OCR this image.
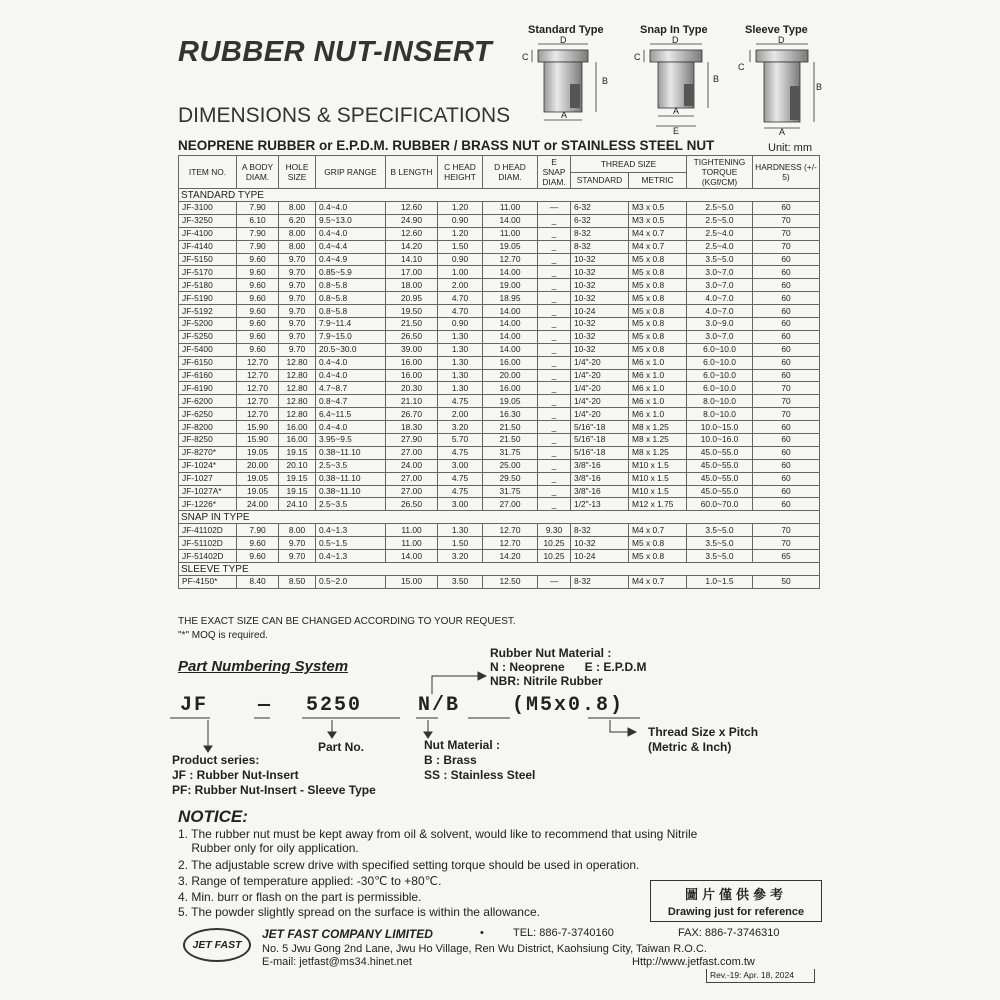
RUBBER NUT-INSERT
DIMENSIONS & SPECIFICATIONS
NEOPRENE RUBBER or E.P.D.M. RUBBER / BRASS NUT or STAINLESS STEEL NUT	Unit: mm
Standard Type	Snap In Type	Sleeve Type
D
C
B
A
D
C
B
A
E
D
C
B
A
ITEM NO.	A BODY DIAM.	HOLE SIZE	GRIP RANGE	B LENGTH	C HEAD HEIGHT	D HEAD DIAM.	E SNAP DIAM.	THREAD SIZE		TIGHTENING TORQUE (KGf/CM)	HARDNESS (+/- 5)
								STANDARD	METRIC		
STANDARD TYPE											
JF-3100	7.90	8.00	0.4~4.0	12.60	1.20	11.00	—	6-32	M3 x 0.5	2.5~5.0	60
JF-3250	6.10	6.20	9.5~13.0	24.90	0.90	14.00	_	6-32	M3 x 0.5	2.5~5.0	70
JF-4100	7.90	8.00	0.4~4.0	12.60	1.20	11.00	_	8-32	M4 x 0.7	2.5~4.0	70
JF-4140	7.90	8.00	0.4~4.4	14.20	1.50	19.05	_	8-32	M4 x 0.7	2.5~4.0	70
JF-5150	9.60	9.70	0.4~4.9	14.10	0.90	12.70	_	10-32	M5 x 0.8	3.5~5.0	60
JF-5170	9.60	9.70	0.85~5.9	17.00	1.00	14.00	_	10-32	M5 x 0.8	3.0~7.0	60
JF-5180	9.60	9.70	0.8~5.8	18.00	2.00	19.00	_	10-32	M5 x 0.8	3.0~7.0	60
JF-5190	9.60	9.70	0.8~5.8	20.95	4.70	18.95	_	10-32	M5 x 0.8	4.0~7.0	60
JF-5192	9.60	9.70	0.8~5.8	19.50	4.70	14.00	_	10-24	M5 x 0.8	4.0~7.0	60
JF-5200	9.60	9.70	7.9~11.4	21.50	0.90	14.00	_	10-32	M5 x 0.8	3.0~9.0	60
JF-5250	9.60	9.70	7.9~15.0	26.50	1.30	14.00	_	10-32	M5 x 0.8	3.0~7.0	60
JF-5400	9.60	9.70	20.5~30.0	39.00	1.30	14.00	_	10-32	M5 x 0.8	6.0~10.0	60
JF-6150	12.70	12.80	0.4~4.0	16.00	1.30	16.00	_	1/4"-20	M6 x 1.0	6.0~10.0	60
JF-6160	12.70	12.80	0.4~4.0	16.00	1.30	20.00	_	1/4"-20	M6 x 1.0	6.0~10.0	60
JF-6190	12.70	12.80	4.7~8.7	20.30	1.30	16.00	_	1/4"-20	M6 x 1.0	6.0~10.0	70
JF-6200	12.70	12.80	0.8~4.7	21.10	4.75	19.05	_	1/4"-20	M6 x 1.0	8.0~10.0	70
JF-6250	12.70	12.80	6.4~11.5	26.70	2.00	16.30	_	1/4"-20	M6 x 1.0	8.0~10.0	70
JF-8200	15.90	16.00	0.4~4.0	18.30	3.20	21.50	_	5/16"-18	M8 x 1.25	10.0~15.0	60
JF-8250	15.90	16.00	3.95~9.5	27.90	5.70	21.50	_	5/16"-18	M8 x 1.25	10.0~16.0	60
JF-8270*	19.05	19.15	0.38~11.10	27.00	4.75	31.75	_	5/16"-18	M8 x 1.25	45.0~55.0	60
JF-1024*	20.00	20.10	2.5~3.5	24.00	3.00	25.00	_	3/8"-16	M10 x 1.5	45.0~55.0	60
JF-1027	19.05	19.15	0.38~11.10	27.00	4.75	29.50	_	3/8"-16	M10 x 1.5	45.0~55.0	60
JF-1027A*	19.05	19.15	0.38~11.10	27.00	4.75	31.75	_	3/8"-16	M10 x 1.5	45.0~55.0	60
JF-1226*	24.00	24.10	2.5~3.5	26.50	3.00	27.00	_	1/2"-13	M12 x 1.75	60.0~70.0	60
SNAP IN TYPE											
JF-41102D	7.90	8.00	0.4~1.3	11.00	1.30	12.70	9.30	8-32	M4 x 0.7	3.5~5.0	70
JF-51102D	9.60	9.70	0.5~1.5	11.00	1.50	12.70	10.25	10-32	M5 x 0.8	3.5~5.0	70
JF-51402D	9.60	9.70	0.4~1.3	14.00	3.20	14.20	10.25	10-24	M5 x 0.8	3.5~5.0	65
SLEEVE TYPE											
PF-4150*	8.40	8.50	0.5~2.0	15.00	3.50	12.50	—	8-32	M4 x 0.7	1.0~1.5	50
THE EXACT SIZE CAN BE CHANGED ACCORDING TO YOUR REQUEST.
"*" MOQ is required.
Part Numbering System
Rubber Nut Material :
N : Neoprene      E : E.P.D.M
NBR: Nitrile Rubber
JF — 5250	N/B	(M5x0.8)
Thread Size x Pitch
(Metric & Inch)
Part No.	Nut Material :
B : Brass
SS : Stainless Steel
Product series:
JF : Rubber Nut-Insert
PF: Rubber Nut-Insert - Sleeve Type
NOTICE:
1. The rubber nut must be kept away from oil & solvent, would like to recommend that using Nitrile
Rubber only for oily application.
2. The adjustable screw drive with specified setting torque should be used in operation.
3. Range of temperature applied: -30℃ to +80℃.
4. Min. burr or flash on the part is permissible.
5. The powder slightly spread on the surface is within the allowance.
圖片僅供參考
Drawing just for reference
JET FAST
JET FAST COMPANY LIMITED	•	TEL: 886-7-3740160	FAX: 886-7-3746310
No. 5 Jwu Gong 2nd Lane, Jwu Ho Village, Ren Wu District, Kaohsiung City, Taiwan R.O.C.
E-mail: jetfast@ms34.hinet.net	Http://www.jetfast.com.tw
Rev.-19: Apr. 18, 2024
